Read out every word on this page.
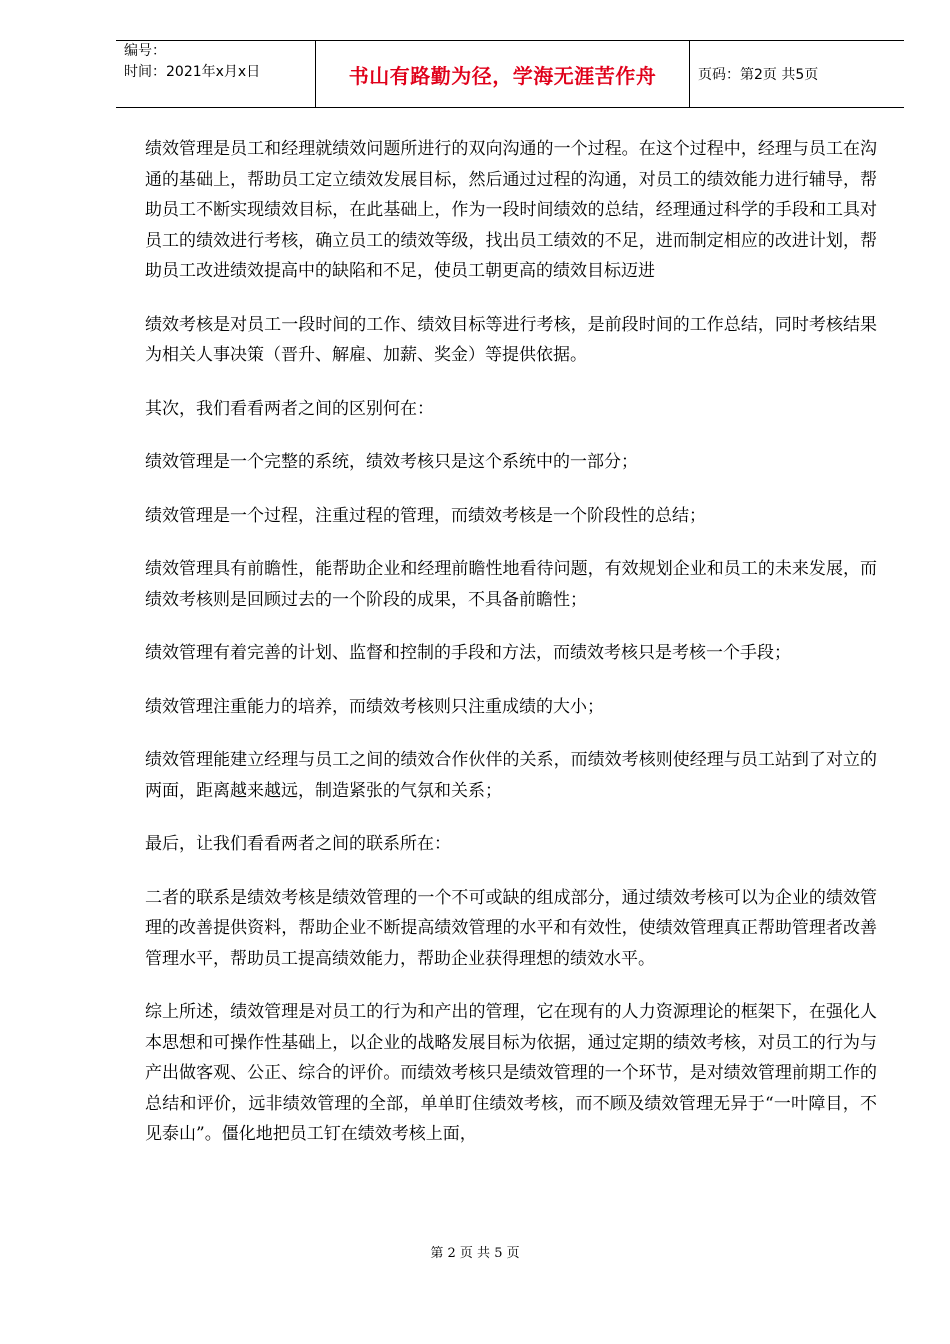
编号：
时间：2021年x月x日	书山有路勤为径，学海无涯苦作舟	页码：第2页 共5页

绩效管理是员工和经理就绩效问题所进行的双向沟通的一个过程。在这个过程中，经理与员工在沟通的基础上，帮助员工定立绩效发展目标，然后通过过程的沟通，对员工的绩效能力进行辅导，帮助员工不断实现绩效目标，在此基础上，作为一段时间绩效的总结，经理通过科学的手段和工具对员工的绩效进行考核，确立员工的绩效等级，找出员工绩效的不足，进而制定相应的改进计划，帮助员工改进绩效提高中的缺陷和不足，使员工朝更高的绩效目标迈进

绩效考核是对员工一段时间的工作、绩效目标等进行考核，是前段时间的工作总结，同时考核结果为相关人事决策（晋升、解雇、加薪、奖金）等提供依据。

其次，我们看看两者之间的区别何在：

绩效管理是一个完整的系统，绩效考核只是这个系统中的一部分；

绩效管理是一个过程，注重过程的管理，而绩效考核是一个阶段性的总结；

绩效管理具有前瞻性，能帮助企业和经理前瞻性地看待问题，有效规划企业和员工的未来发展，而绩效考核则是回顾过去的一个阶段的成果，不具备前瞻性；

绩效管理有着完善的计划、监督和控制的手段和方法，而绩效考核只是考核一个手段；

绩效管理注重能力的培养，而绩效考核则只注重成绩的大小；

绩效管理能建立经理与员工之间的绩效合作伙伴的关系，而绩效考核则使经理与员工站到了对立的两面，距离越来越远，制造紧张的气氛和关系；

最后，让我们看看两者之间的联系所在：

二者的联系是绩效考核是绩效管理的一个不可或缺的组成部分，通过绩效考核可以为企业的绩效管理的改善提供资料，帮助企业不断提高绩效管理的水平和有效性，使绩效管理真正帮助管理者改善管理水平，帮助员工提高绩效能力，帮助企业获得理想的绩效水平。

综上所述，绩效管理是对员工的行为和产出的管理，它在现有的人力资源理论的框架下，在强化人本思想和可操作性基础上，以企业的战略发展目标为依据，通过定期的绩效考核，对员工的行为与产出做客观、公正、综合的评价。而绩效考核只是绩效管理的一个环节，是对绩效管理前期工作的总结和评价，远非绩效管理的全部，单单盯住绩效考核，而不顾及绩效管理无异于“一叶障目，不见泰山”。僵化地把员工钉在绩效考核上面，

第 2 页 共 5 页
